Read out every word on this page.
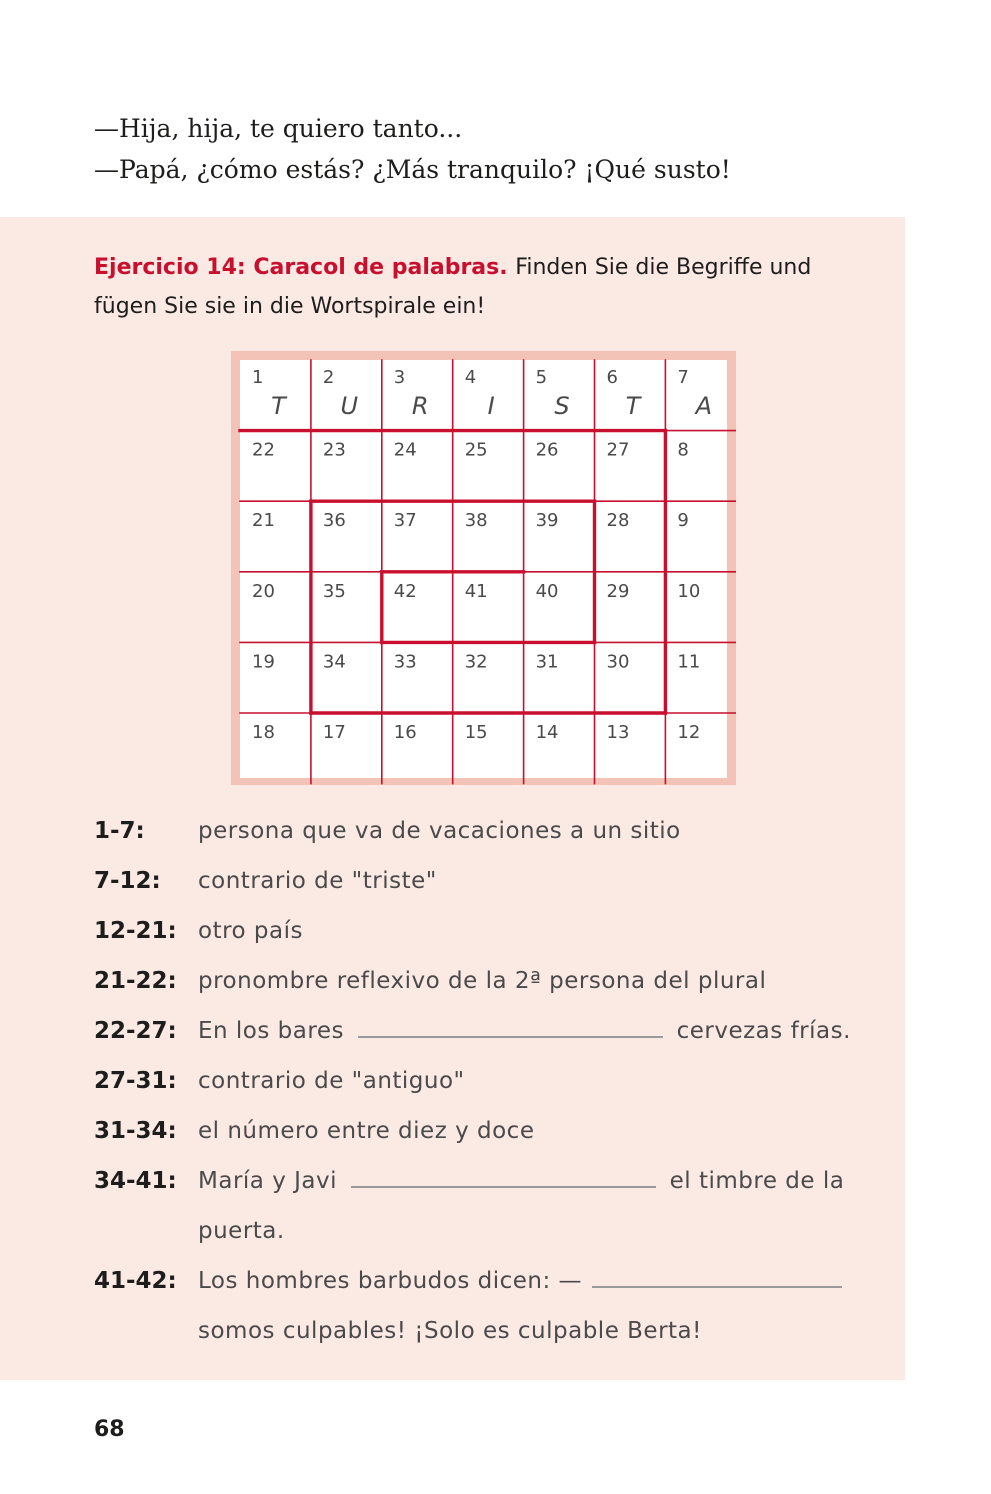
—Hija, hija, te quiero tanto...
—Papá, ¿cómo estás? ¿Más tranquilo? ¡Qué susto!
Ejercicio 14: Caracol de palabras. Finden Sie die Begriffe und fügen Sie sie in die Wortspirale ein!
1	2	3	4	5	6	7
22	23	24	25	26	27	8
21	36	37	38	39	28	9
20	35	42	41	40	29	10
19	34	33	32	31	30	11
18	17	16	15	14	13	12
T U R I S T A
1-7:	persona que va de vacaciones a un sitio
7-12:	contrario de "triste"
12-21: otro país
21-22: pronombre reflexivo de la 2ª persona del plural
22-27: En los bares	cervezas frías.
27-31: contrario de "antiguo"
31-34: el número entre diez y doce
34-41: María y Javi	el timbre de la
puerta.
41-42: Los hombres barbudos dicen: —
somos culpables! ¡Solo es culpable Berta!
68
